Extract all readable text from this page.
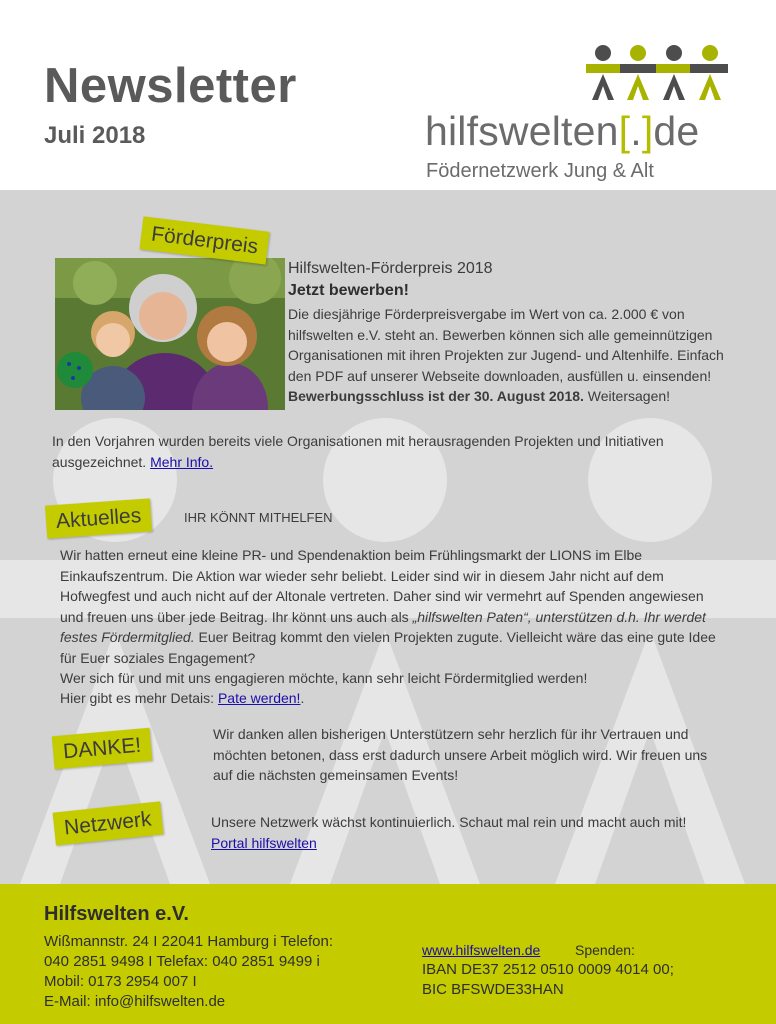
Newsletter
Juli 2018	hilfswelten[.]de
Födernetzwerk Jung & Alt
Förderpreis
Hilfswelten-Förderpreis 2018
Jetzt bewerben!
Die diesjährige Förderpreisvergabe im Wert von ca. 2.000 € von hilfswelten e.V. steht an. Bewerben können sich alle gemeinnützigen Organisationen mit ihren Projekten zur Jugend- und Altenhilfe. Einfach den PDF auf unserer Webseite downloaden, ausfüllen u. einsenden! Bewerbungsschluss ist der 30. August 2018. Weitersagen!
In den Vorjahren wurden bereits viele Organisationen mit herausragenden Projekten und Initiativen ausgezeichnet. Mehr Info.
Aktuelles	IHR KÖNNT MITHELFEN
Wir hatten erneut eine kleine PR- und Spendenaktion beim Frühlingsmarkt der LIONS im Elbe Einkaufszentrum. Die Aktion war wieder sehr beliebt. Leider sind wir in diesem Jahr nicht auf dem Hofwegfest und auch nicht auf der Altonale vertreten. Daher sind wir vermehrt auf Spenden angewiesen und freuen uns über jede Beitrag. Ihr könnt uns auch als „hilfswelten Paten“, unterstützen d.h. Ihr werdet festes Fördermitglied. Euer Beitrag kommt den vielen Projekten zugute. Vielleicht wäre das eine gute Idee für Euer soziales Engagement?
Wer sich für und mit uns engagieren möchte, kann sehr leicht Fördermitglied werden!
Hier gibt es mehr Detais: Pate werden!.
DANKE!	Wir danken allen bisherigen Unterstützern sehr herzlich für ihr Vertrauen und möchten betonen, dass erst dadurch unsere Arbeit möglich wird. Wir freuen uns auf die nächsten gemeinsamen Events!
Netzwerk	Unsere Netzwerk wächst kontinuierlich. Schaut mal rein und macht auch mit! Portal hilfswelten
Hilfswelten e.V.
Wißmannstr. 24 I 22041 Hamburg i Telefon:
040 2851 9498 I Telefax: 040 2851 9499 i
Mobil: 0173 2954 007 I
E-Mail: info@hilfswelten.de
www.hilfswelten.de Spenden:
IBAN DE37 2512 0510 0009 4014 00;
BIC BFSWDE33HAN
